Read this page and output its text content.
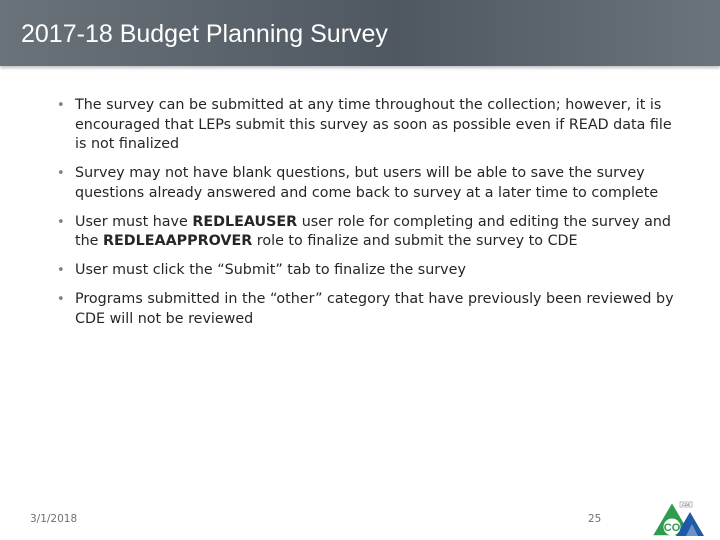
2017-18 Budget Planning Survey
• The survey can be submitted at any time throughout the collection; however, it is encouraged that LEPs submit this survey as soon as possible even if READ data file is not finalized
• Survey may not have blank questions, but users will be able to save the survey questions already answered and come back to survey at a later time to complete
• User must have REDLEAUSER user role for completing and editing the survey and the REDLEAAPPROVER role to finalize and submit the survey to CDE
• User must click the “Submit” tab to finalize the survey
• Programs submitted in the “other” category that have previously been reviewed by CDE will not be reviewed
3/1/2018	25
CO
CDE
